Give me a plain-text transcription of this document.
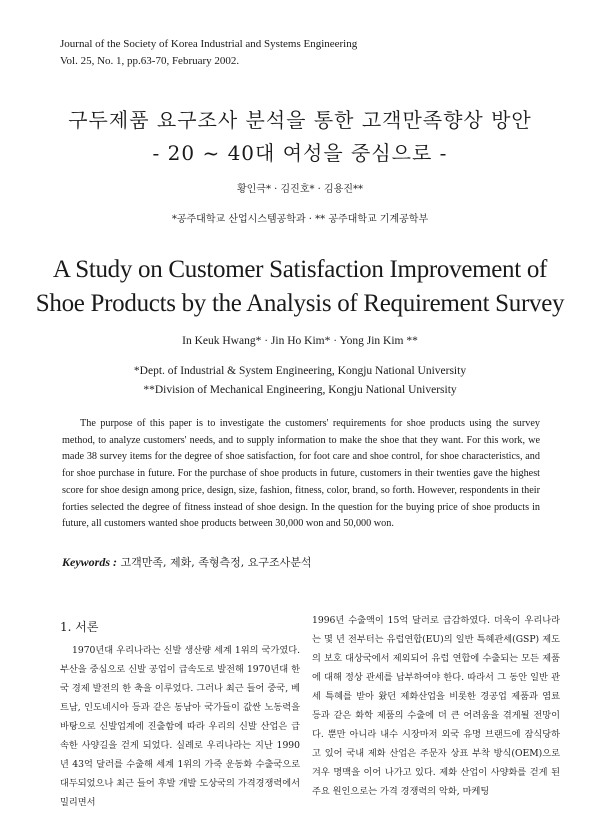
Journal of the Society of Korea Industrial and Systems Engineering
Vol. 25, No. 1, pp.63-70, February 2002.
구두제품 요구조사 분석을 통한 고객만족향상 방안
- 20 ~ 40대 여성을 중심으로 -
황인극* · 김진호* · 김용진**
*공주대학교 산업시스템공학과 · ** 공주대학교 기계공학부
A Study on Customer Satisfaction Improvement of
Shoe Products by the Analysis of Requirement Survey
In Keuk Hwang* · Jin Ho Kim* · Yong Jin Kim **
*Dept. of Industrial & System Engineering, Kongju National University
**Division of Mechanical Engineering, Kongju National University

The purpose of this paper is to investigate the customers' requirements for shoe products using the survey method, to analyze customers' needs, and to supply information to make the shoe that they want. For this work, we made 38 survey items for the degree of shoe satisfaction, for foot care and shoe control, for shoe characteristics, and for shoe purchase in future. For the purchase of shoe products in future, customers in their twenties gave the highest score for shoe design among price, design, size, fashion, fitness, color, brand, so forth. However, respondents in their forties selected the degree of fitness instead of shoe design. In the question for the buying price of shoe products in future, all customers wanted shoe products between 30,000 won and 50,000 won.

Keywords : 고객만족, 제화, 족형측정, 요구조사분석
1. 서론

1970년대 우리나라는 신발 생산량 세계 1위의 국가였다. 부산을 중심으로 신발 공업이 급속도로 발전해 1970년대 한국 경제 발전의 한 축을 이루었다. 그러나 최근 들어 중국, 베트남, 인도네시아 등과 같은 동남아 국가들이 값싼 노동력을 바탕으로 신발업계에 진출함에 따라 우리의 신발 산업은 급속한 사양길을 걷게 되었다. 실례로 우리나라는 지난 1990년 43억 달러를 수출해 세계 1위의 가죽 운동화 수출국으로 대두되었으나 최근 들어 후발 개발 도상국의 가격경쟁력에서 밀리면서

1996년 수출액이 15억 달러로 급감하였다. 더욱이 우리나라는 몇 년 전부터는 유럽연합(EU)의 일반 특혜관세(GSP) 제도의 보호 대상국에서 제외되어 유럽 연합에 수출되는 모든 제품에 대해 정상 관세를 납부하여야 한다. 따라서 그 동안 일반 관세 특혜를 받아 왔던 제화산업을 비롯한 경공업 제품과 염료 등과 같은 화학 제품의 수출에 더 큰 어려움을 겪게될 전망이다. 뿐만 아니라 내수 시장마저 외국 유명 브랜드에 잠식당하고 있어 국내 제화 산업은 주문자 상표 부착 방식(OEM)으로 겨우 명맥을 이어 나가고 있다. 제화 산업이 사양화를 걷게 된 주요 원인으로는 가격 경쟁력의 악화, 마케팅
